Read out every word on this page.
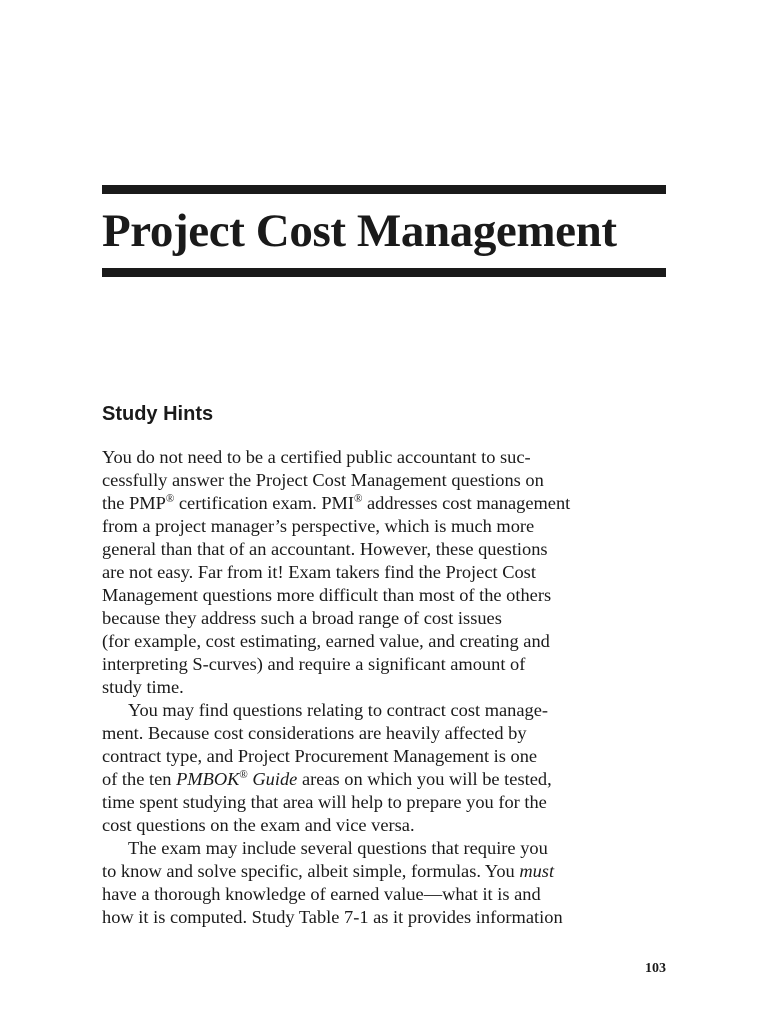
Project Cost Management
Study Hints
You do not need to be a certified public accountant to suc-
cessfully answer the Project Cost Management questions on
the PMP® certification exam. PMI® addresses cost management
from a project manager’s perspective, which is much more
general than that of an accountant. However, these questions
are not easy. Far from it! Exam takers find the Project Cost
Management questions more difficult than most of the others
because they address such a broad range of cost issues
(for example, cost estimating, earned value, and creating and
interpreting S-curves) and require a significant amount of
study time.
You may find questions relating to contract cost manage-
ment. Because cost considerations are heavily affected by
contract type, and Project Procurement Management is one
of the ten PMBOK® Guide areas on which you will be tested,
time spent studying that area will help to prepare you for the
cost questions on the exam and vice versa.
The exam may include several questions that require you
to know and solve specific, albeit simple, formulas. You must
have a thorough knowledge of earned value—what it is and
how it is computed. Study Table 7-1 as it provides information
103
